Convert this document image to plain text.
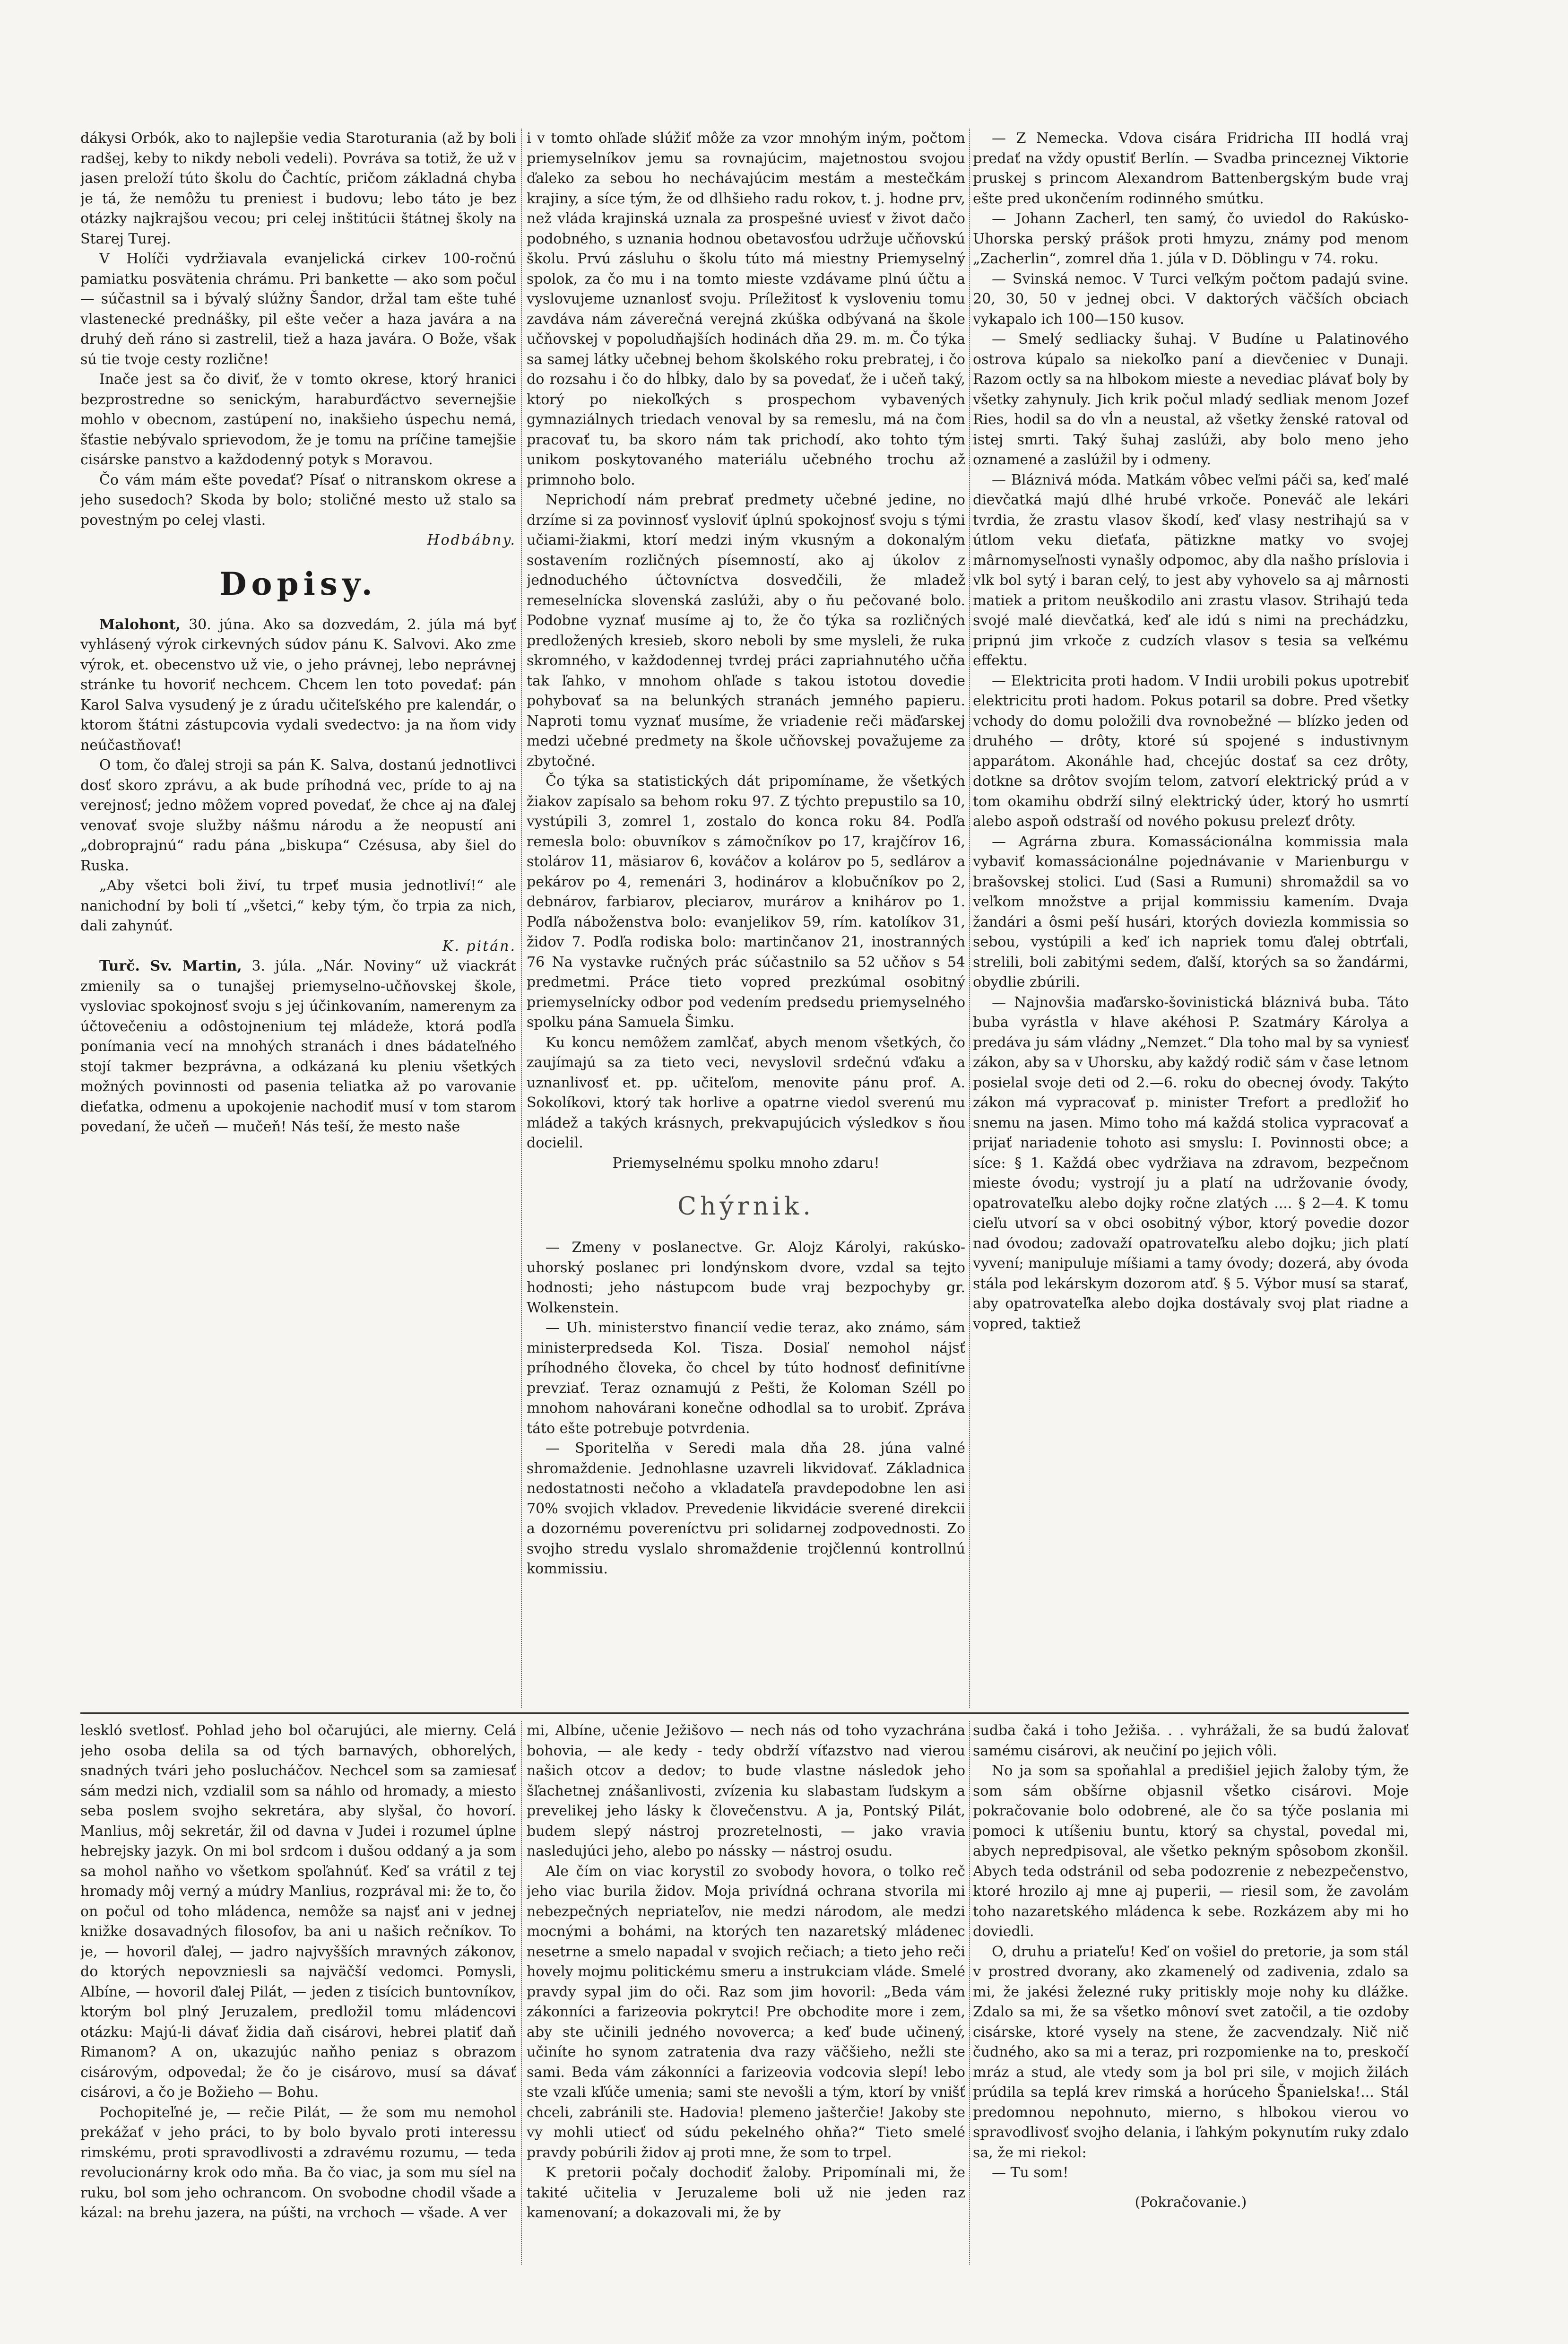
dákysi Orbók, ako to najlepšie vedia Staroturania (až by boli radšej, keby to nikdy neboli vedeli). Povráva sa totiž, že už v jasen preloží túto školu do Čachtíc, pričom základná chyba je tá, že nemôžu tu preniest i budovu; lebo táto je bez otázky najkrajšou vecou; pri celej inštitúcii štátnej školy na Starej Turej.

V Holíči vydržiavala evanjelická cirkev 100-ročnú pamiatku posvätenia chrámu. Pri bankette — ako som počul — súčastnil sa i bývalý slúžny Šandor, držal tam ešte tuhé vlastenecké prednášky, pil ešte večer a haza javára a na druhý deň ráno si zastrelil, tiež a haza javára. O Bože, však sú tie tvoje cesty rozlične!

Inače jest sa čo diviť, že v tomto okrese, ktorý hranici bezprostredne so senickým, haraburďáctvo severnejšie mohlo v obecnom, zastúpení no, inakšieho úspechu nemá, šťastie nebývalo sprievodom, že je tomu na príčine tamejšie cisárske panstvo a každodenný potyk s Moravou.

Čo vám mám ešte povedať? Písať o nitranskom okrese a jeho susedoch? Skoda by bolo; stoličné mesto už stalo sa povestným po celej vlasti.

Hodbábny.

Dopisy.

Malohont, 30. júna. Ako sa dozvedám, 2. júla má byť vyhlásený výrok cirkevných súdov pánu K. Salvovi. Ako zme výrok, et. obecenstvo už vie, o jeho právnej, lebo neprávnej stránke tu hovoriť nechcem. Chcem len toto povedať: pán Karol Salva vysudený je z úradu učiteľského pre kalendár, o ktorom štátni zástupcovia vydali svedectvo: ja na ňom vidy neúčastňovať!

O tom, čo ďalej stroji sa pán K. Salva, dostanú jednotlivci dosť skoro zprávu, a ak bude príhodná vec, príde to aj na verejnosť; jedno môžem vopred povedať, že chce aj na ďalej venovať svoje služby nášmu národu a že neopustí ani „dobroprajnú“ radu pána „biskupa“ Czésusa, aby šiel do Ruska.

„Aby všetci boli živí, tu trpeť musia jednotliví!“ ale nanichodní by boli tí „všetci,“ keby tým, čo trpia za nich, dali zahynúť.

K. pitán.

Turč. Sv. Martin, 3. júla. „Nár. Noviny“ už viackrát zmienily sa o tunajšej priemyselno-učňovskej škole, vysloviac spokojnosť svoju s jej účinkovaním, namerenym za účtovečeniu a odôstojnenium tej mládeže, ktorá podľa ponímania vecí na mnohých stranách i dnes bádateľného stojí takmer bezprávna, a odkázaná ku pleniu všetkých možných povinnosti od pasenia teliatka až po varovanie dieťatka, odmenu a upokojenie nachodiť musí v tom starom povedaní, že učeň — mučeň! Nás teší, že mesto naše

i v tomto ohľade slúžiť môže za vzor mnohým iným, počtom priemyselníkov jemu sa rovnajúcim, majetnostou svojou ďaleko za sebou ho nechávajúcim mestám a mestečkám krajiny, a síce tým, že od dlhšieho radu rokov, t. j. hodne prv, než vláda krajinská uznala za prospešné uviesť v život dačo podobného, s uznania hodnou obetavosťou udržuje učňovskú školu. Prvú zásluhu o školu túto má miestny Priemyselný spolok, za čo mu i na tomto mieste vzdávame plnú účtu a vyslovujeme uznanlosť svoju. Príležitosť k vysloveniu tomu zavdáva nám záverečná verejná zkúška odbývaná na škole učňovskej v popoludňajších hodinách dňa 29. m. m. Čo týka sa samej látky učebnej behom školského roku prebratej, i čo do rozsahu i čo do hĺbky, dalo by sa povedať, že i učeň taký, ktorý po niekoľkých s prospechom vybavených gymnaziálnych triedach venoval by sa remeslu, má na čom pracovať tu, ba skoro nám tak prichodí, ako tohto tým unikom poskytovaného materiálu učebného trochu až primnoho bolo.

Neprichodí nám prebrať predmety učebné jedine, no drzíme si za povinnosť vysloviť úplnú spokojnosť svoju s tými učiami-žiakmi, ktorí medzi iným vkusným a dokonalým sostavením rozličných písemností, ako aj úkolov z jednoduchého účtovníctva dosvedčili, že mladež remeselnícka slovenská zaslúži, aby o ňu pečované bolo. Podobne vyznať musíme aj to, že čo týka sa rozličných predložených kresieb, skoro neboli by sme mysleli, že ruka skromného, v každodennej tvrdej práci zapriahnutého učňa tak ľahko, v mnohom ohľade s takou istotou dovedie pohybovať sa na belunkých stranách jemného papieru. Naproti tomu vyznať musíme, že vriadenie reči mäďarskej medzi učebné predmety na škole učňovskej považujeme za zbytočné.

Čo týka sa statistických dát pripomíname, že všetkých žiakov zapísalo sa behom roku 97. Z týchto prepustilo sa 10, vystúpili 3, zomrel 1, zostalo do konca roku 84. Podľa remesla bolo: obuvníkov s zámočníkov po 17, krajčírov 16, stolárov 11, mäsiarov 6, kováčov a kolárov po 5, sedlárov a pekárov po 4, remenári 3, hodinárov a klobučníkov po 2, debnárov, farbiarov, pleciarov, murárov a knihárov po 1. Podľa náboženstva bolo: evanjelikov 59, rím. katolíkov 31, židov 7. Podľa rodiska bolo: martinčanov 21, inostranných 76 Na vystavke ručných prác súčastnilo sa 52 učňov s 54 predmetmi. Práce tieto vopred prezkúmal osobitný priemyselnícky odbor pod vedením predsedu priemyselného spolku pána Samuela Šimku.

Ku koncu nemôžem zamlčať, abych menom všetkých, čo zaujímajú sa za tieto veci, nevyslovil srdečnú vďaku a uznanlivosť et. pp. učiteľom, menovite pánu prof. A. Sokolíkovi, ktorý tak horlive a opatrne viedol sverenú mu mládež a takých krásnych, prekvapujúcich výsledkov s ňou docielil.

Priemyselnému spolku mnoho zdaru!

Chýrnik.

— Zmeny v poslanectve. Gr. Alojz Károlyi, rakúsko-uhorský poslanec pri londýnskom dvore, vzdal sa tejto hodnosti; jeho nástupcom bude vraj bezpochyby gr. Wolkenstein.

— Uh. ministerstvo financií vedie teraz, ako známo, sám ministerpredseda Kol. Tisza. Dosiaľ nemohol nájsť príhodného človeka, čo chcel by túto hodnosť definitívne prevziať. Teraz oznamujú z Pešti, že Koloman Széll po mnohom nahovárani konečne odhodlal sa to urobiť. Zpráva táto ešte potrebuje potvrdenia.

— Sporitelňa v Seredi mala dňa 28. júna valné shromaždenie. Jednohlasne uzavreli likvidovať. Základnica nedostatnosti nečoho a vkladateľa pravdepodobne len asi 70% svojich vkladov. Prevedenie likvidácie sverené direkcii a dozornému povereníctvu pri solidarnej zodpovednosti. Zo svojho stredu vyslalo shromaždenie trojčlennú kontrollnú kommissiu.

— Z Nemecka. Vdova cisára Fridricha III hodlá vraj predať na vždy opustiť Berlín. — Svadba princeznej Viktorie pruskej s princom Alexandrom Battenbergským bude vraj ešte pred ukončením rodinného smútku.

— Johann Zacherl, ten samý, čo uviedol do Rakúsko-Uhorska perský prášok proti hmyzu, známy pod menom „Zacherlin“, zomrel dňa 1. júla v D. Döblingu v 74. roku.

— Svinská nemoc. V Turci veľkým počtom padajú svine. 20, 30, 50 v jednej obci. V daktorých väčších obciach vykapalo ich 100—150 kusov.

— Smelý sedliacky šuhaj. V Budíne u Palatinového ostrova kúpalo sa niekoľko paní a dievčeniec v Dunaji. Razom octly sa na hlbokom mieste a nevediac plávať boly by všetky zahynuly. Jich krik počul mladý sedliak menom Jozef Ries, hodil sa do vĺn a neustal, až všetky ženské ratoval od istej smrti. Taký šuhaj zaslúži, aby bolo meno jeho oznamené a zaslúžil by i odmeny.

— Bláznivá móda. Matkám vôbec veľmi páči sa, keď malé dievčatká majú dlhé hrubé vrkoče. Poneváč ale lekári tvrdia, že zrastu vlasov škodí, keď vlasy nestrihajú sa v útlom veku dieťaťa, pätizkne matky vo svojej mârnomyseľnosti vynašly odpomoc, aby dla našho príslovia i vlk bol sytý i baran celý, to jest aby vyhovelo sa aj mârnosti matiek a pritom neuškodilo ani zrastu vlasov. Strihajú teda svojé malé dievčatká, keď ale idú s nimi na prechádzku, pripnú jim vrkoče z cudzích vlasov s tesia sa veľkému effektu.

— Elektricita proti hadom. V Indii urobili pokus upotrebiť elektricitu proti hadom. Pokus potaril sa dobre. Pred všetky vchody do domu položili dva rovnobežné — blízko jeden od druhého — drôty, ktoré sú spojené s industivnym apparátom. Akonáhle had, chcejúc dostať sa cez drôty, dotkne sa drôtov svojím telom, zatvorí elektrický prúd a v tom okamihu obdrží silný elektrický úder, ktorý ho usmrtí alebo aspoň odstraší od nového pokusu prelezť drôty.

— Agrárna zbura. Komassácionálna kommissia mala vybaviť komassácionálne pojednávanie v Marienburgu v brašovskej stolici. Ľud (Sasi a Rumuni) shromaždil sa vo veľkom množstve a prijal kommissiu kamením. Dvaja žandári a ôsmi peší husári, ktorých doviezla kommissia so sebou, vystúpili a keď ich napriek tomu ďalej obtrťali, strelili, boli zabitými sedem, ďalší, ktorých sa so žandármi, obydlie zbúrili.

— Najnovšia maďarsko-šovinistická bláznivá buba. Táto buba vyrástla v hlave akéhosi P. Szatmáry Károlya a predáva ju sám vládny „Nemzet.“ Dla toho mal by sa vyniesť zákon, aby sa v Uhorsku, aby každý rodič sám v čase letnom posielal svoje deti od 2.—6. roku do obecnej óvody. Takýto zákon má vypracovať p. minister Trefort a predložiť ho snemu na jasen. Mimo toho má každá stolica vypracovať a prijať nariadenie tohoto asi smyslu: I. Povinnosti obce; a síce: § 1. Každá obec vydržiava na zdravom, bezpečnom mieste óvodu; vystrojí ju a platí na udržovanie óvody, opatrovateľku alebo dojky ročne zlatých .... § 2—4. K tomu cieľu utvorí sa v obci osobitný výbor, ktorý povedie dozor nad óvodou; zadovaží opatrovateľku alebo dojku; jich platí vyvení; manipuluje míšiami a tamy óvody; dozerá, aby óvoda stála pod lekárskym dozorom atď. § 5. Výbor musí sa starať, aby opatrovateľka alebo dojka dostávaly svoj plat riadne a vopred, taktiež

leskló svetlosť. Pohlad jeho bol očarujúci, ale mierny. Celá jeho osoba delila sa od tých barnavých, obhorelých, snadných tvári jeho poslucháčov. Nechcel som sa zamiesať sám medzi nich, vzdialil som sa náhlo od hromady, a miesto seba poslem svojho sekretára, aby slyšal, čo hovorí. Manlius, môj sekretár, žil od davna v Judei i rozumel úplne hebrejsky jazyk. On mi bol srdcom i dušou oddaný a ja som sa mohol naňho vo všetkom spoľahnúť. Keď sa vrátil z tej hromady môj verný a múdry Manlius, rozprával mi: že to, čo on počul od toho mládenca, nemôže sa najsť ani v jednej knižke dosavadných filosofov, ba ani u našich rečníkov. To je, — hovoril ďalej, — jadro najvyšších mravných zákonov, do ktorých nepovzniesli sa najväčší vedomci. Pomysli, Albíne, — hovoril ďalej Pilát, — jeden z tisícich buntovníkov, ktorým bol plný Jeruzalem, predložil tomu mládencovi otázku: Majú-li dávať židia daň cisárovi, hebrei platiť daň Rimanom? A on, ukazujúc naňho peniaz s obrazom cisárovým, odpovedal; že čo je cisárovo, musí sa dávať cisárovi, a čo je Božieho — Bohu.

Pochopiteľné je, — rečie Pilát, — že som mu nemohol prekážať v jeho práci, to by bolo byvalo proti interessu rimskému, proti spravodlivosti a zdravému rozumu, — teda revolucionárny krok odo mňa. Ba čo viac, ja som mu síel na ruku, bol som jeho ochrancom. On svobodne chodil všade a kázal: na brehu jazera, na púšti, na vrchoch — všade. A ver

mi, Albíne, učenie Ježišovo — nech nás od toho vyzachrána bohovia, — ale kedy - tedy obdrží víťazstvo nad vierou našich otcov a dedov; to bude vlastne následok jeho šľachetnej znášanlivosti, zvízenia ku slabastam ľudskym a prevelikej jeho lásky k človečenstvu. A ja, Pontský Pilát, budem slepý nástroj prozretelnosti, — jako vravia nasledujúci jeho, alebo po nássky — nástroj osudu.

Ale čím on viac korystil zo svobody hovora, o tolko reč jeho viac burila židov. Moja privídná ochrana stvorila mi nebezpečných nepriateľov, nie medzi národom, ale medzi mocnými a bohámi, na ktorých ten nazaretský mládenec nesetrne a smelo napadal v svojich rečiach; a tieto jeho reči hovely mojmu politickému smeru a instrukciam vláde. Smelé pravdy sypal jim do oči. Raz som jim hovoril: „Beda vám zákonníci a farizeovia pokrytci! Pre obchodite more i zem, aby ste učinili jedného novoverca; a keď bude učinený, učiníte ho synom zatratenia dva razy väčšieho, nežli ste sami. Beda vám zákonníci a farizeovia vodcovia slepí! lebo ste vzali kľúče umenia; sami ste nevošli a tým, ktorí by vnišť chceli, zabránili ste. Hadovia! plemeno jašterčie! Jakoby ste vy mohli utiecť od súdu pekelného ohňa?“ Tieto smelé pravdy pobúrili židov aj proti mne, že som to trpel.

K pretorii počaly dochodiť žaloby. Pripomínali mi, že takité učitelia v Jeruzaleme boli už nie jeden raz kamenovaní; a dokazovali mi, že by

sudba čaká i toho Ježiša. . . vyhrážali, že sa budú žalovať samému cisárovi, ak neučiní po jejich vôli.

No ja som sa spoňahlal a predišiel jejich žaloby tým, že som sám obšírne objasnil všetko cisárovi. Moje pokračovanie bolo odobrené, ale čo sa týče poslania mi pomoci k utíšeniu buntu, ktorý sa chystal, povedal mi, abych nepredpisoval, ale všetko pekným spôsobom zkonšil. Abych teda odstránil od seba podozrenie z nebezpečenstvo, ktoré hrozilo aj mne aj puperii, — riesil som, že zavolám toho nazaretského mládenca k sebe. Rozkázem aby mi ho doviedli.

O, druhu a priateľu! Keď on vošiel do pretorie, ja som stál v prostred dvorany, ako zkamenelý od zadivenia, zdalo sa mi, že jakési železné ruky pritiskly moje nohy ku dlážke. Zdalo sa mi, že sa všetko mônoví svet zatočil, a tie ozdoby cisárske, ktoré vysely na stene, že zacvendzaly. Nič nič čudného, ako sa mi a teraz, pri rozpomienke na to, preskočí mráz a stud, ale vtedy som ja bol pri sile, v mojich žilách prúdila sa teplá krev rimská a horúceho Španielska!... Stál predomnou nepohnuto, mierno, s hlbokou vierou vo spravodlivosť svojho delania, i ľahkým pokynutím ruky zdalo sa, že mi riekol:

— Tu som!

(Pokračovanie.)
